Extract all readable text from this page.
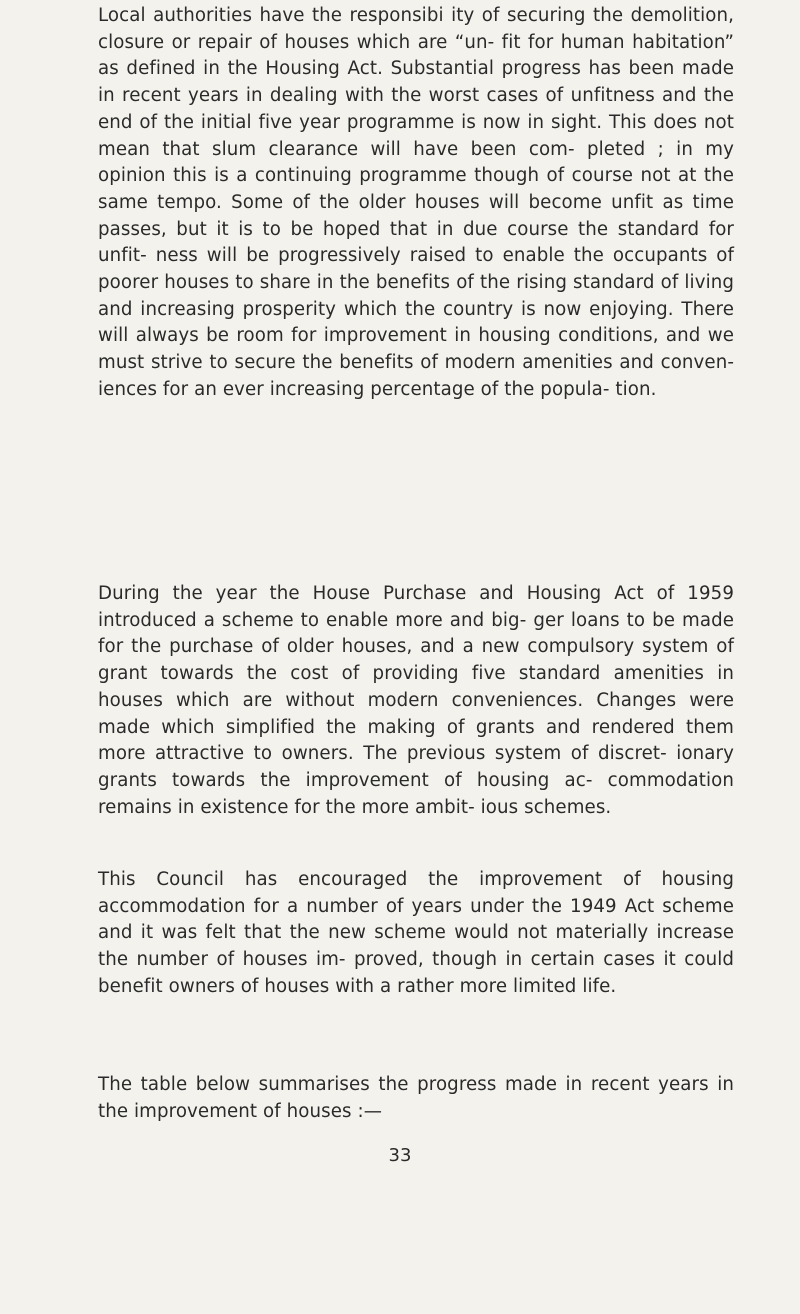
Local authorities have the responsibi ity of securing the demolition, closure or repair of houses which are “un- fit for human habitation” as defined in the Housing Act. Substantial progress has been made in recent years in dealing with the worst cases of unfitness and the end of the initial five year programme is now in sight. This does not mean that slum clearance will have been com- pleted ; in my opinion this is a continuing programme though of course not at the same tempo. Some of the older houses will become unfit as time passes, but it is to be hoped that in due course the standard for unfit- ness will be progressively raised to enable the occupants of poorer houses to share in the benefits of the rising standard of living and increasing prosperity which the country is now enjoying. There will always be room for improvement in housing conditions, and we must strive to secure the benefits of modern amenities and conven- iences for an ever increasing percentage of the popula- tion.

During the year the House Purchase and Housing Act of 1959 introduced a scheme to enable more and big- ger loans to be made for the purchase of older houses, and a new compulsory system of grant towards the cost of providing five standard amenities in houses which are without modern conveniences. Changes were made which simplified the making of grants and rendered them more attractive to owners. The previous system of discret- ionary grants towards the improvement of housing ac- commodation remains in existence for the more ambit- ious schemes.

This Council has encouraged the improvement of housing accommodation for a number of years under the 1949 Act scheme and it was felt that the new scheme would not materially increase the number of houses im- proved, though in certain cases it could benefit owners of houses with a rather more limited life.

The table below summarises the progress made in recent years in the improvement of houses :—

33
